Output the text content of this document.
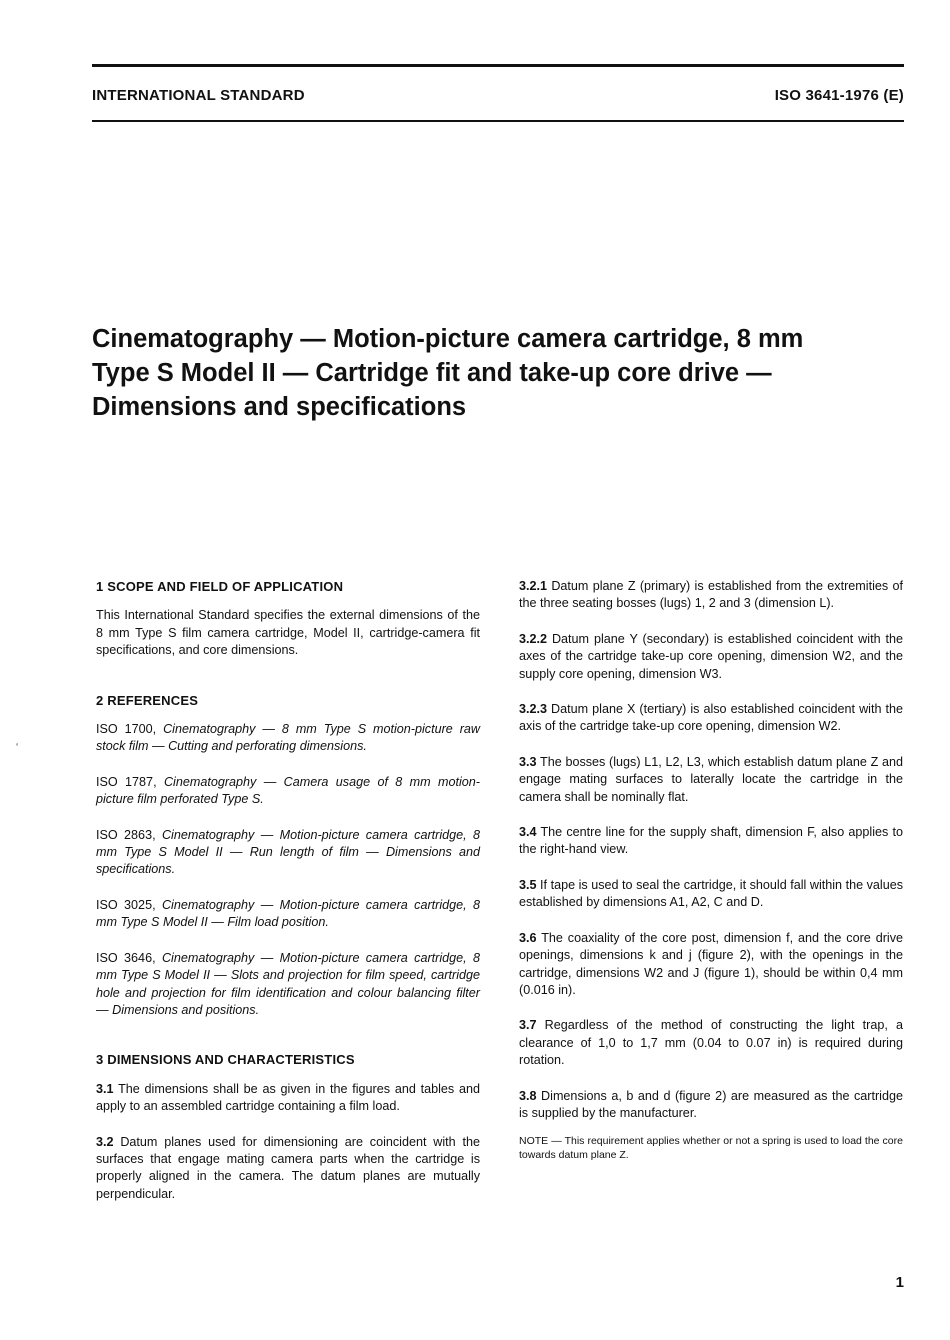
INTERNATIONAL STANDARD	ISO 3641-1976 (E)
Cinematography — Motion-picture camera cartridge, 8 mm
Type S Model II — Cartridge fit and take-up core drive —
Dimensions and specifications
‘
1 SCOPE AND FIELD OF APPLICATION

This International Standard specifies the external dimensions of the 8 mm Type S film camera cartridge, Model II, cartridge-camera fit specifications, and core dimensions.

2 REFERENCES

ISO 1700, Cinematography — 8 mm Type S motion-picture raw stock film — Cutting and perforating dimensions.

ISO 1787, Cinematography — Camera usage of 8 mm motion-picture film perforated Type S.

ISO 2863, Cinematography — Motion-picture camera cartridge, 8 mm Type S Model II — Run length of film — Dimensions and specifications.

ISO 3025, Cinematography — Motion-picture camera cartridge, 8 mm Type S Model II — Film load position.

ISO 3646, Cinematography — Motion-picture camera cartridge, 8 mm Type S Model II — Slots and projection for film speed, cartridge hole and projection for film identification and colour balancing filter — Dimensions and positions.

3 DIMENSIONS AND CHARACTERISTICS

3.1 The dimensions shall be as given in the figures and tables and apply to an assembled cartridge containing a film load.

3.2 Datum planes used for dimensioning are coincident with the surfaces that engage mating camera parts when the cartridge is properly aligned in the camera. The datum planes are mutually perpendicular.

3.2.1 Datum plane Z (primary) is established from the extremities of the three seating bosses (lugs) 1, 2 and 3 (dimension L).

3.2.2 Datum plane Y (secondary) is established coincident with the axes of the cartridge take-up core opening, dimension W2, and the supply core opening, dimension W3.

3.2.3 Datum plane X (tertiary) is also established coincident with the axis of the cartridge take-up core opening, dimension W2.

3.3 The bosses (lugs) L1, L2, L3, which establish datum plane Z and engage mating surfaces to laterally locate the cartridge in the camera shall be nominally flat.

3.4 The centre line for the supply shaft, dimension F, also applies to the right-hand view.

3.5 If tape is used to seal the cartridge, it should fall within the values established by dimensions A1, A2, C and D.

3.6 The coaxiality of the core post, dimension f, and the core drive openings, dimensions k and j (figure 2), with the openings in the cartridge, dimensions W2 and J (figure 1), should be within 0,4 mm (0.016 in).

3.7 Regardless of the method of constructing the light trap, a clearance of 1,0 to 1,7 mm (0.04 to 0.07 in) is required during rotation.

3.8 Dimensions a, b and d (figure 2) are measured as the cartridge is supplied by the manufacturer.

NOTE — This requirement applies whether or not a spring is used to load the core towards datum plane Z.

1
